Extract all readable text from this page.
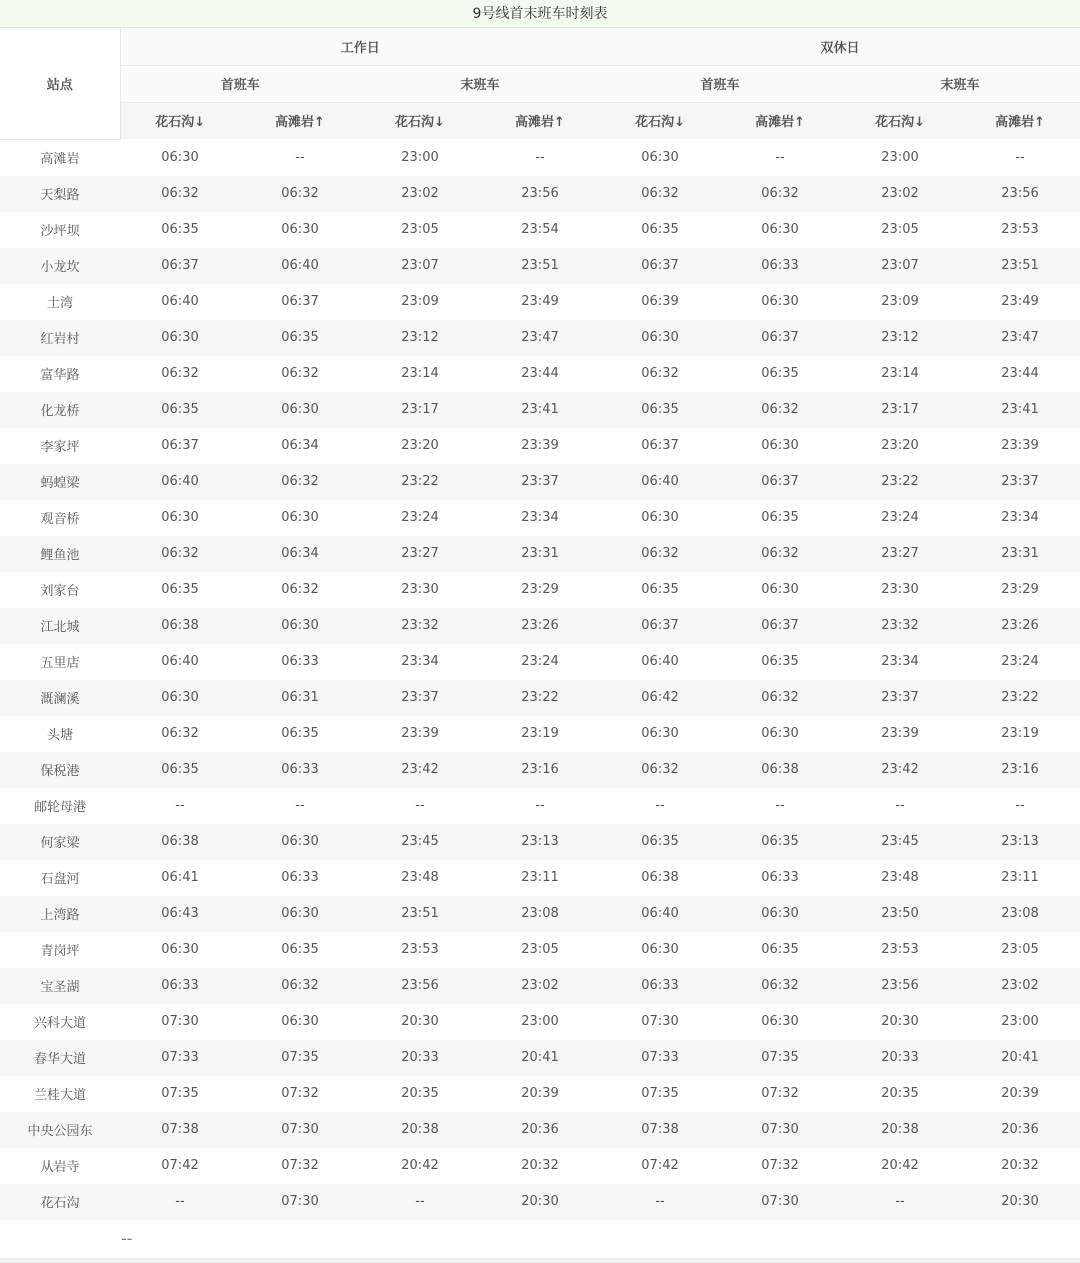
9号线首末班车时刻表
站点	工作日				双休日			
	首班车		末班车		首班车		末班车	
	花石沟↓	高滩岩↑	花石沟↓	高滩岩↑	花石沟↓	高滩岩↑	花石沟↓	高滩岩↑
高滩岩	06:30	--	23:00	--	06:30	--	23:00	--
天梨路	06:32	06:32	23:02	23:56	06:32	06:32	23:02	23:56
沙坪坝	06:35	06:30	23:05	23:54	06:35	06:30	23:05	23:53
小龙坎	06:37	06:40	23:07	23:51	06:37	06:33	23:07	23:51
土湾	06:40	06:37	23:09	23:49	06:39	06:30	23:09	23:49
红岩村	06:30	06:35	23:12	23:47	06:30	06:37	23:12	23:47
富华路	06:32	06:32	23:14	23:44	06:32	06:35	23:14	23:44
化龙桥	06:35	06:30	23:17	23:41	06:35	06:32	23:17	23:41
李家坪	06:37	06:34	23:20	23:39	06:37	06:30	23:20	23:39
蚂蝗梁	06:40	06:32	23:22	23:37	06:40	06:37	23:22	23:37
观音桥	06:30	06:30	23:24	23:34	06:30	06:35	23:24	23:34
鲤鱼池	06:32	06:34	23:27	23:31	06:32	06:32	23:27	23:31
刘家台	06:35	06:32	23:30	23:29	06:35	06:30	23:30	23:29
江北城	06:38	06:30	23:32	23:26	06:37	06:37	23:32	23:26
五里店	06:40	06:33	23:34	23:24	06:40	06:35	23:34	23:24
溉澜溪	06:30	06:31	23:37	23:22	06:42	06:32	23:37	23:22
头塘	06:32	06:35	23:39	23:19	06:30	06:30	23:39	23:19
保税港	06:35	06:33	23:42	23:16	06:32	06:38	23:42	23:16
邮轮母港	--	--	--	--	--	--	--	--
何家梁	06:38	06:30	23:45	23:13	06:35	06:35	23:45	23:13
石盘河	06:41	06:33	23:48	23:11	06:38	06:33	23:48	23:11
上湾路	06:43	06:30	23:51	23:08	06:40	06:30	23:50	23:08
青岗坪	06:30	06:35	23:53	23:05	06:30	06:35	23:53	23:05
宝圣湖	06:33	06:32	23:56	23:02	06:33	06:32	23:56	23:02
兴科大道	07:30	06:30	20:30	23:00	07:30	06:30	20:30	23:00
春华大道	07:33	07:35	20:33	20:41	07:33	07:35	20:33	20:41
兰桂大道	07:35	07:32	20:35	20:39	07:35	07:32	20:35	20:39
中央公园东	07:38	07:30	20:38	20:36	07:38	07:30	20:38	20:36
从岩寺	07:42	07:32	20:42	20:32	07:42	07:32	20:42	20:32
花石沟	--	07:30	--	20:30	--	07:30	--	20:30
	--							
